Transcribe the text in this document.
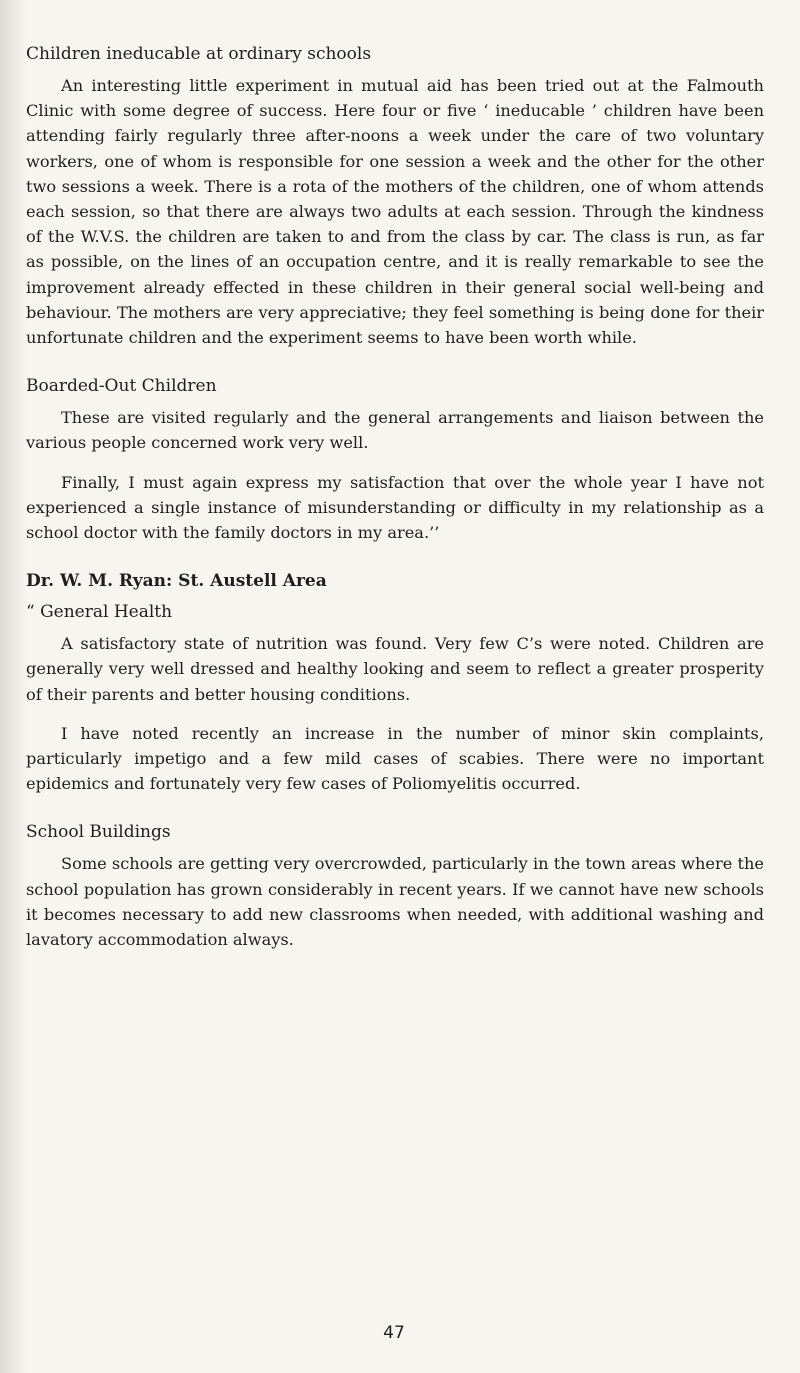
Children ineducable at ordinary schools

An interesting little experiment in mutual aid has been tried out at the Falmouth Clinic with some degree of success. Here four or five ‘ ineducable ’ children have been attending fairly regularly three after-noons a week under the care of two voluntary workers, one of whom is responsible for one session a week and the other for the other two sessions a week. There is a rota of the mothers of the children, one of whom attends each session, so that there are always two adults at each session. Through the kindness of the W.V.S. the children are taken to and from the class by car. The class is run, as far as possible, on the lines of an occupation centre, and it is really remarkable to see the improvement already effected in these children in their general social well-being and behaviour. The mothers are very appreciative; they feel something is being done for their unfortunate children and the experiment seems to have been worth while.

Boarded-Out Children

These are visited regularly and the general arrangements and liaison between the various people concerned work very well.

Finally, I must again express my satisfaction that over the whole year I have not experienced a single instance of misunderstanding or difficulty in my relationship as a school doctor with the family doctors in my area.’’

Dr. W. M. Ryan: St. Austell Area
“ General Health

A satisfactory state of nutrition was found. Very few C’s were noted. Children are generally very well dressed and healthy looking and seem to reflect a greater prosperity of their parents and better housing conditions.

I have noted recently an increase in the number of minor skin complaints, particularly impetigo and a few mild cases of scabies. There were no important epidemics and fortunately very few cases of Poliomyelitis occurred.

School Buildings

Some schools are getting very overcrowded, particularly in the town areas where the school population has grown considerably in recent years. If we cannot have new schools it becomes necessary to add new classrooms when needed, with additional washing and lavatory accommodation always.

47
